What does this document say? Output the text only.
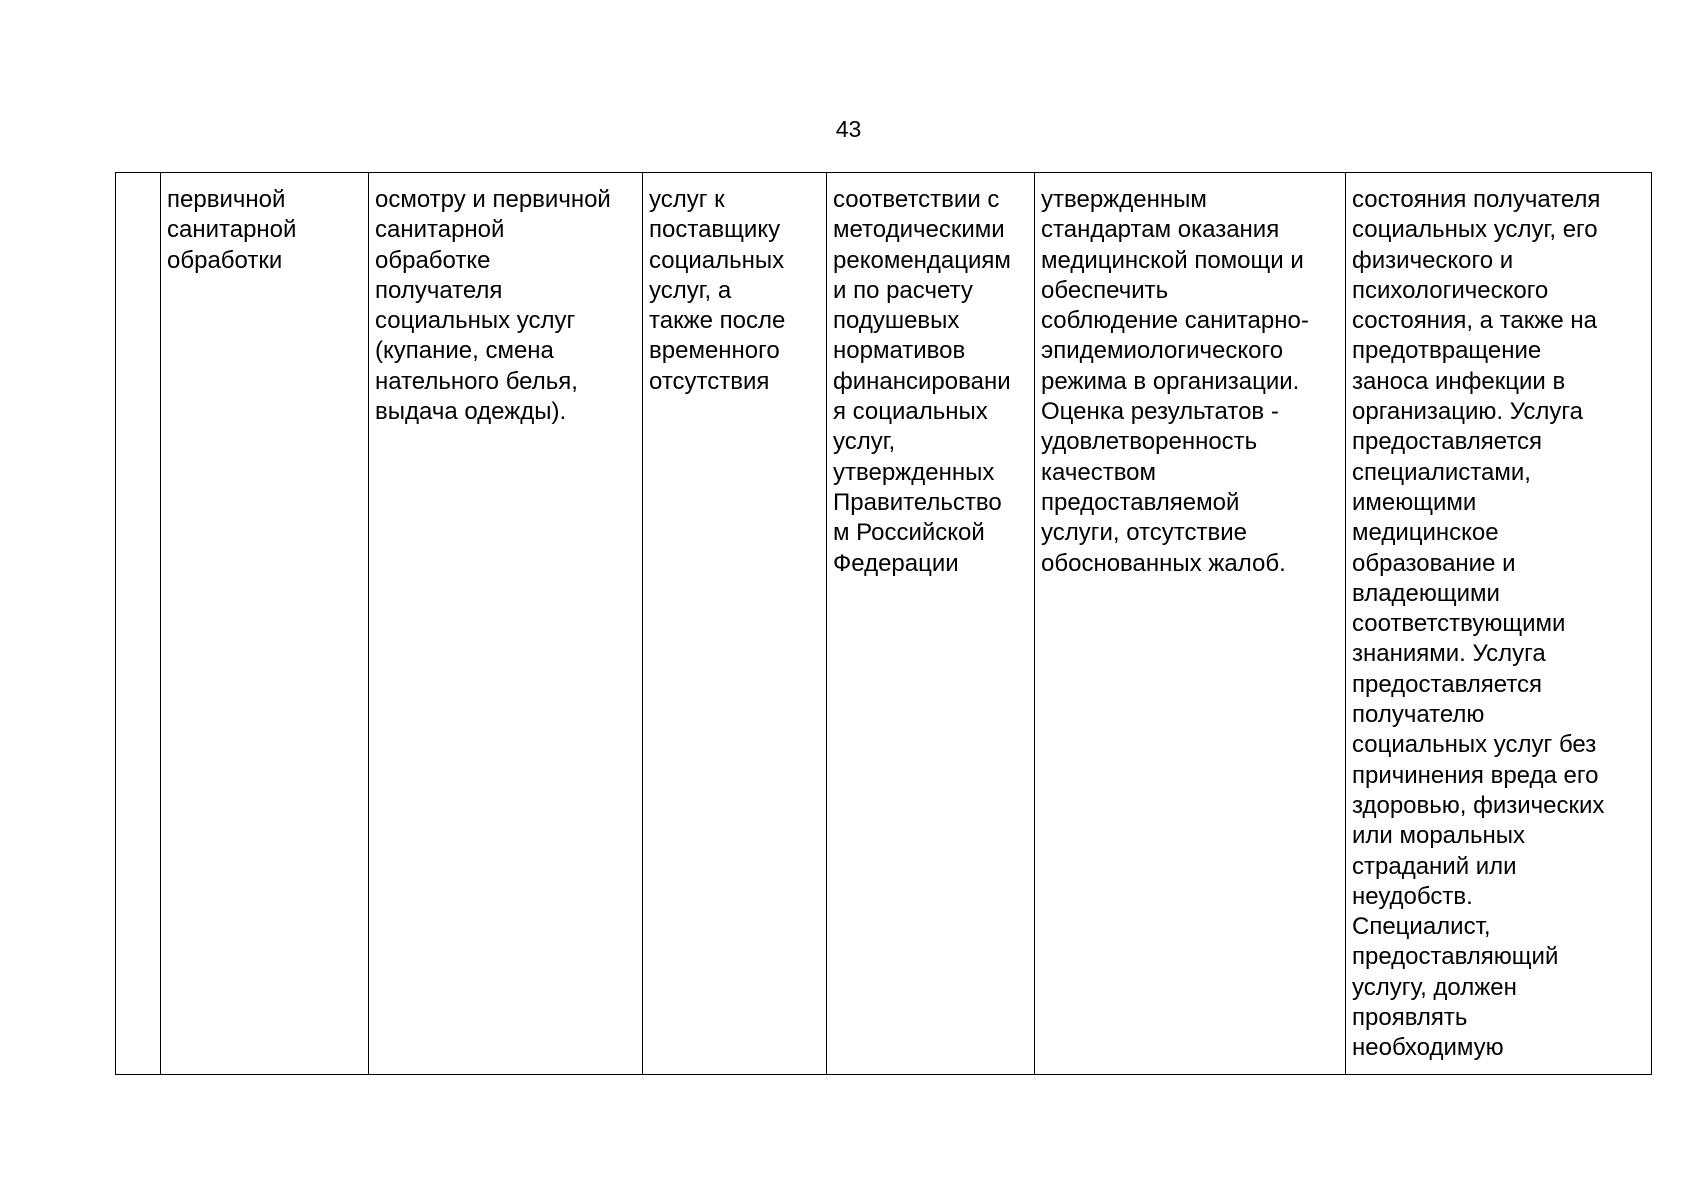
43
	первичной
санитарной
обработки	осмотру и первичной
санитарной
обработке
получателя
социальных услуг
(купание, смена
нательного белья,
выдача одежды).	услуг к
поставщику
социальных
услуг, а
также после
временного
отсутствия	соответствии с
методическими
рекомендациям
и по расчету
подушевых
нормативов
финансировани
я социальных
услуг,
утвержденных
Правительство
м Российской
Федерации	утвержденным
стандартам оказания
медицинской помощи и
обеспечить
соблюдение санитарно-
эпидемиологического
режима в организации.
Оценка результатов -
удовлетворенность
качеством
предоставляемой
услуги, отсутствие
обоснованных жалоб.	состояния получателя
социальных услуг, его
физического и
психологического
состояния, а также на
предотвращение
заноса инфекции в
организацию. Услуга
предоставляется
специалистами,
имеющими
медицинское
образование и
владеющими
соответствующими
знаниями. Услуга
предоставляется
получателю
социальных услуг без
причинения вреда его
здоровью, физических
или моральных
страданий или
неудобств.
Специалист,
предоставляющий
услугу, должен
проявлять
необходимую
